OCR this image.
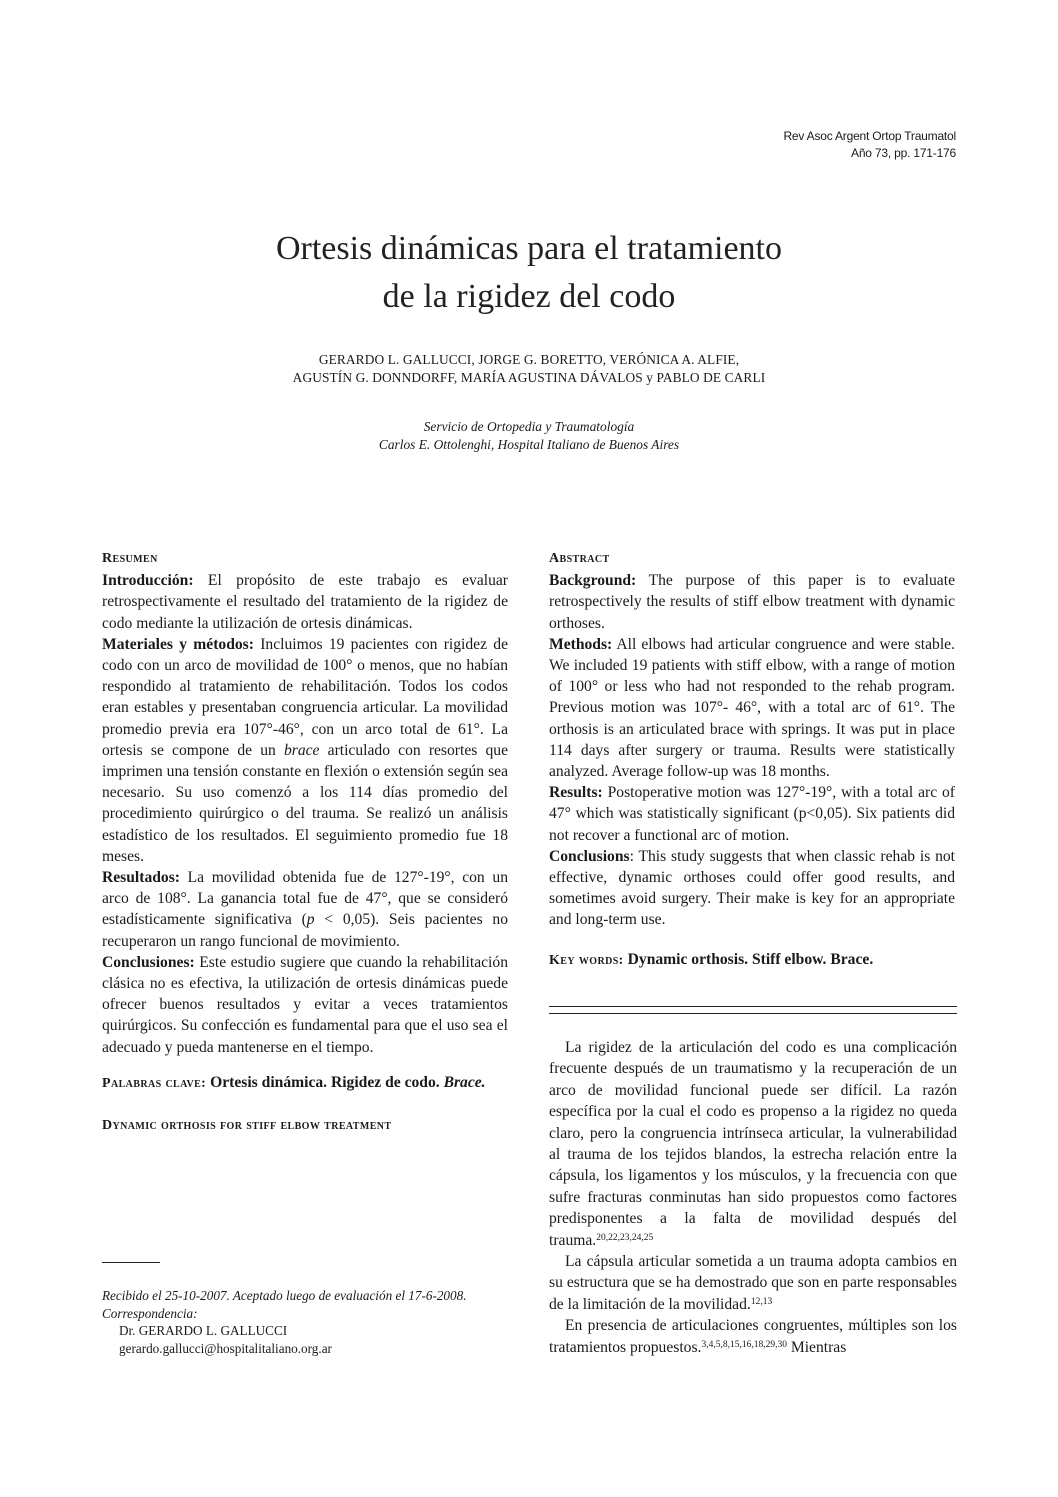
Rev Asoc Argent Ortop Traumatol
Año 73, pp. 171-176
Ortesis dinámicas para el tratamiento
de la rigidez del codo
GERARDO L. GALLUCCI, JORGE G. BORETTO, VERÓNICA A. ALFIE,
AGUSTÍN G. DONNDORFF, MARÍA AGUSTINA DÁVALOS y PABLO DE CARLI
Servicio de Ortopedia y Traumatología
Carlos E. Ottolenghi, Hospital Italiano de Buenos Aires
Resumen

Introducción: El propósito de este trabajo es evaluar retrospectivamente el resultado del tratamiento de la rigidez de codo mediante la utilización de ortesis dinámicas.

Materiales y métodos: Incluimos 19 pacientes con rigidez de codo con un arco de movilidad de 100° o menos, que no habían respondido al tratamiento de rehabilitación. Todos los codos eran estables y presentaban congruencia articular. La movilidad promedio previa era 107°-46°, con un arco total de 61°. La ortesis se compone de un brace articulado con resortes que imprimen una tensión constante en flexión o extensión según sea necesario. Su uso comenzó a los 114 días promedio del procedimiento quirúrgico o del trauma. Se realizó un análisis estadístico de los resultados. El seguimiento promedio fue 18 meses.

Resultados: La movilidad obtenida fue de 127°-19°, con un arco de 108°. La ganancia total fue de 47°, que se consideró estadísticamente significativa (p < 0,05). Seis pacientes no recuperaron un rango funcional de movimiento.

Conclusiones: Este estudio sugiere que cuando la rehabilitación clásica no es efectiva, la utilización de ortesis dinámicas puede ofrecer buenos resultados y evitar a veces tratamientos quirúrgicos. Su confección es fundamental para que el uso sea el adecuado y pueda mantenerse en el tiempo.

Palabras clave: Ortesis dinámica. Rigidez de codo. Brace.

Dynamic orthosis for stiff elbow treatment

Abstract

Background: The purpose of this paper is to evaluate retrospectively the results of stiff elbow treatment with dynamic orthoses.

Methods: All elbows had articular congruence and were stable. We included 19 patients with stiff elbow, with a range of motion of 100° or less who had not responded to the rehab program. Previous motion was 107°- 46°, with a total arc of 61°. The orthosis is an articulated brace with springs. It was put in place 114 days after surgery or trauma. Results were statistically analyzed. Average follow-up was 18 months.

Results: Postoperative motion was 127°-19°, with a total arc of 47° which was statistically significant (p<0,05). Six patients did not recover a functional arc of motion.

Conclusions: This study suggests that when classic rehab is not effective, dynamic orthoses could offer good results, and sometimes avoid surgery. Their make is key for an appropriate and long-term use.

Key words: Dynamic orthosis. Stiff elbow. Brace.

La rigidez de la articulación del codo es una complicación frecuente después de un traumatismo y la recuperación de un arco de movilidad funcional puede ser difícil. La razón específica por la cual el codo es propenso a la rigidez no queda claro, pero la congruencia intrínseca articular, la vulnerabilidad al trauma de los tejidos blandos, la estrecha relación entre la cápsula, los ligamentos y los músculos, y la frecuencia con que sufre fracturas conminutas han sido propuestos como factores predisponentes a la falta de movilidad después del trauma.$^{20,22,23,24,25}$

La cápsula articular sometida a un trauma adopta cambios en su estructura que se ha demostrado que son en parte responsables de la limitación de la movilidad.$^{12,13}$

En presencia de articulaciones congruentes, múltiples son los tratamientos propuestos.$^{3,4,5,8,15,16,18,29,30}$ Mientras

Recibido el 25-10-2007. Aceptado luego de evaluación el 17-6-2008.
Correspondencia:
Dr. GERARDO L. GALLUCCI
gerardo.gallucci@hospitalitaliano.org.ar
